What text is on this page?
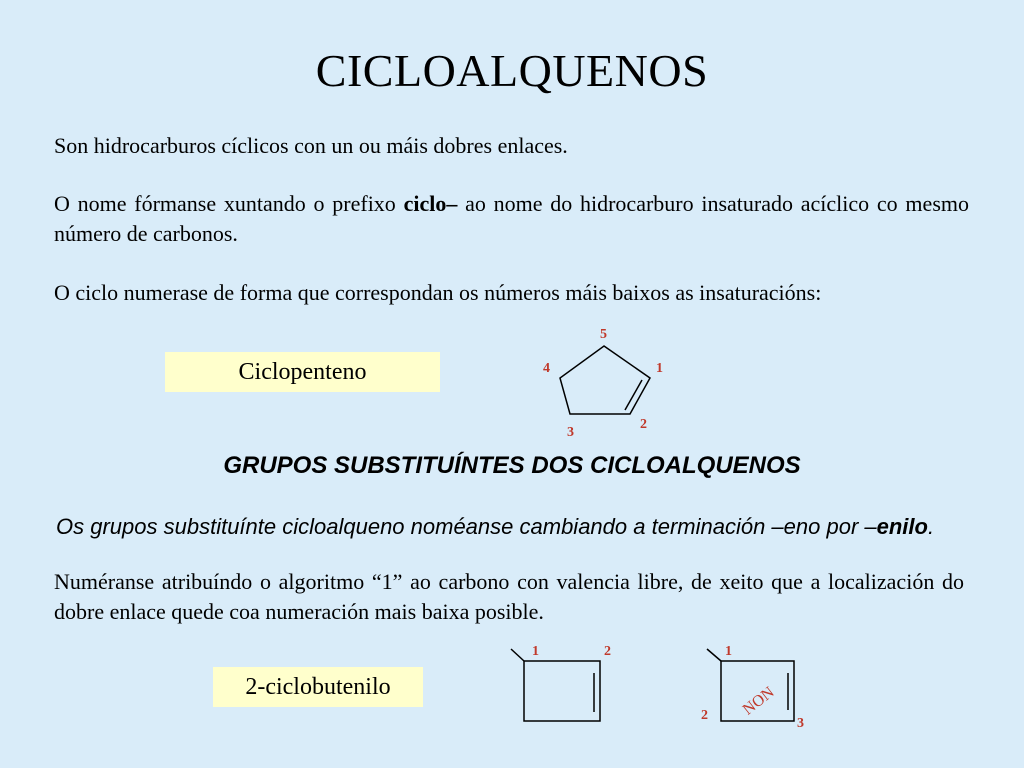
CICLOALQUENOS
Son hidrocarburos cíclicos con un ou máis dobres enlaces.
O nome fórmanse xuntando o prefixo ciclo– ao nome do hidrocarburo insaturado acíclico co mesmo número de carbonos.
O ciclo numerase de forma que correspondan os números máis baixos as insaturacións:
Ciclopenteno
5
1
2
3
4
GRUPOS SUBSTITUÍNTES DOS CICLOALQUENOS
Os grupos substituínte cicloalqueno noméanse cambiando a terminación –eno por –enilo.
Numéranse atribuíndo o algoritmo “1” ao carbono con valencia libre, de xeito que a localización do dobre enlace quede coa numeración mais baixa posible.
2-ciclobutenilo
1	2	1
2
3
NON
